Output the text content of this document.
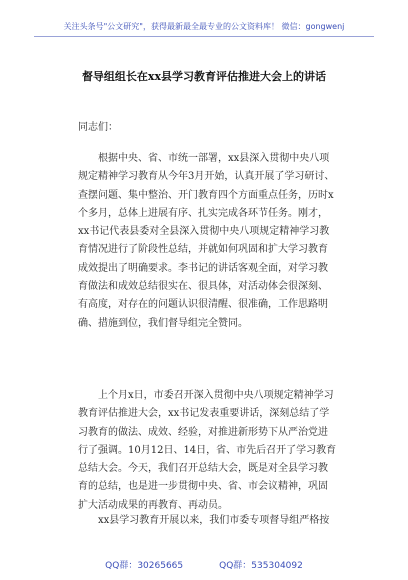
关注头条号"公文研究"，获得最新最全最专业的公文资料库！ 微信：gongwenj
督导组组长在xx县学习教育评估推进大会上的讲话
同志们：

　　根据中央、省、市统一部署，xx县深入贯彻中央八项

规定精神学习教育从今年3月开始，认真开展了学习研讨、

查摆问题、集中整治、开门教育四个方面重点任务，历时x

个多月，总体上进展有序、扎实完成各环节任务。刚才，

xx书记代表县委对全县深入贯彻中央八项规定精神学习教

育情况进行了阶段性总结，并就如何巩固和扩大学习教育

成效提出了明确要求。李书记的讲话客观全面，对学习教

育做法和成效总结很实在、很具体，对活动体会很深刻、

有高度，对存在的问题认识很清醒、很准确，工作思路明

确、措施到位，我们督导组完全赞同。

　　上个月x日，市委召开深入贯彻中央八项规定精神学习

教育评估推进大会，xx书记发表重要讲话，深刻总结了学

习教育的做法、成效、经验，对推进新形势下从严治党进

行了强调。10月12日、14日，省、市先后召开了学习教育

总结大会。今天，我们召开总结大会，既是对全县学习教

育的总结，也是进一步贯彻中央、省、市会议精神，巩固

扩大活动成果的再教育、再动员。

　　xx县学习教育开展以来，我们市委专项督导组严格按

QQ群：30265665	QQ群：535304092
